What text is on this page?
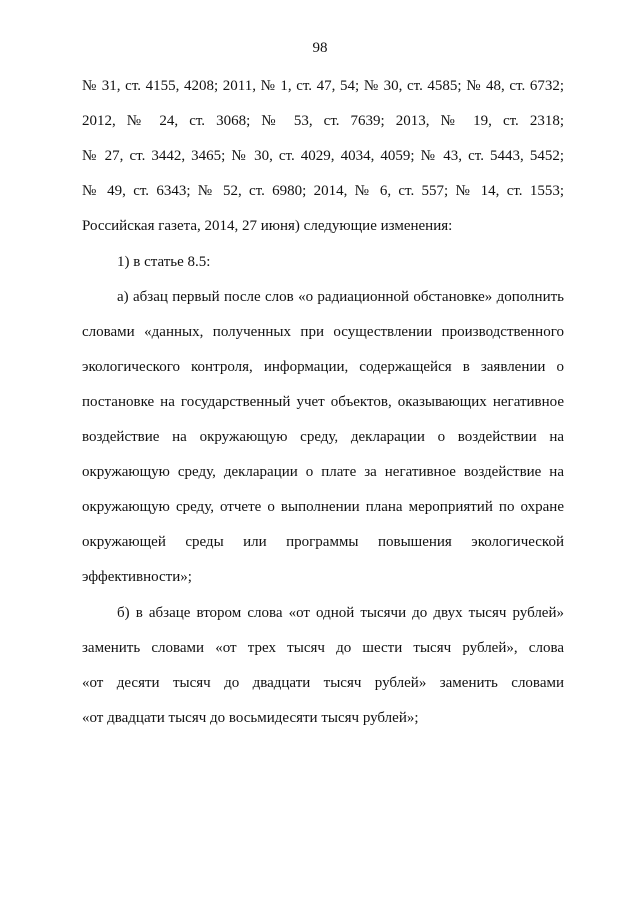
98
№ 31, ст. 4155, 4208; 2011, № 1, ст. 47, 54; № 30, ст. 4585; № 48, ст. 6732;
2012, № 24, ст. 3068; № 53, ст. 7639; 2013, № 19, ст. 2318;
№ 27, ст. 3442, 3465; № 30, ст. 4029, 4034, 4059; № 43, ст. 5443, 5452;
№ 49, ст. 6343; № 52, ст. 6980; 2014, № 6, ст. 557; № 14, ст. 1553;
Российская газета, 2014, 27 июня) следующие изменения:
1) в статье 8.5:
а) абзац первый после слов «о радиационной обстановке» дополнить
словами «данных, полученных при осуществлении производственного
экологического контроля, информации, содержащейся в заявлении о
постановке на государственный учет объектов, оказывающих негативное
воздействие на окружающую среду, декларации о воздействии на
окружающую среду, декларации о плате за негативное воздействие на
окружающую среду, отчете о выполнении плана мероприятий по охране
окружающей среды или программы повышения экологической
эффективности»;
б) в абзаце втором слова «от одной тысячи до двух тысяч рублей»
заменить словами «от трех тысяч до шести тысяч рублей», слова
«от десяти тысяч до двадцати тысяч рублей» заменить словами
«от двадцати тысяч до восьмидесяти тысяч рублей»;
